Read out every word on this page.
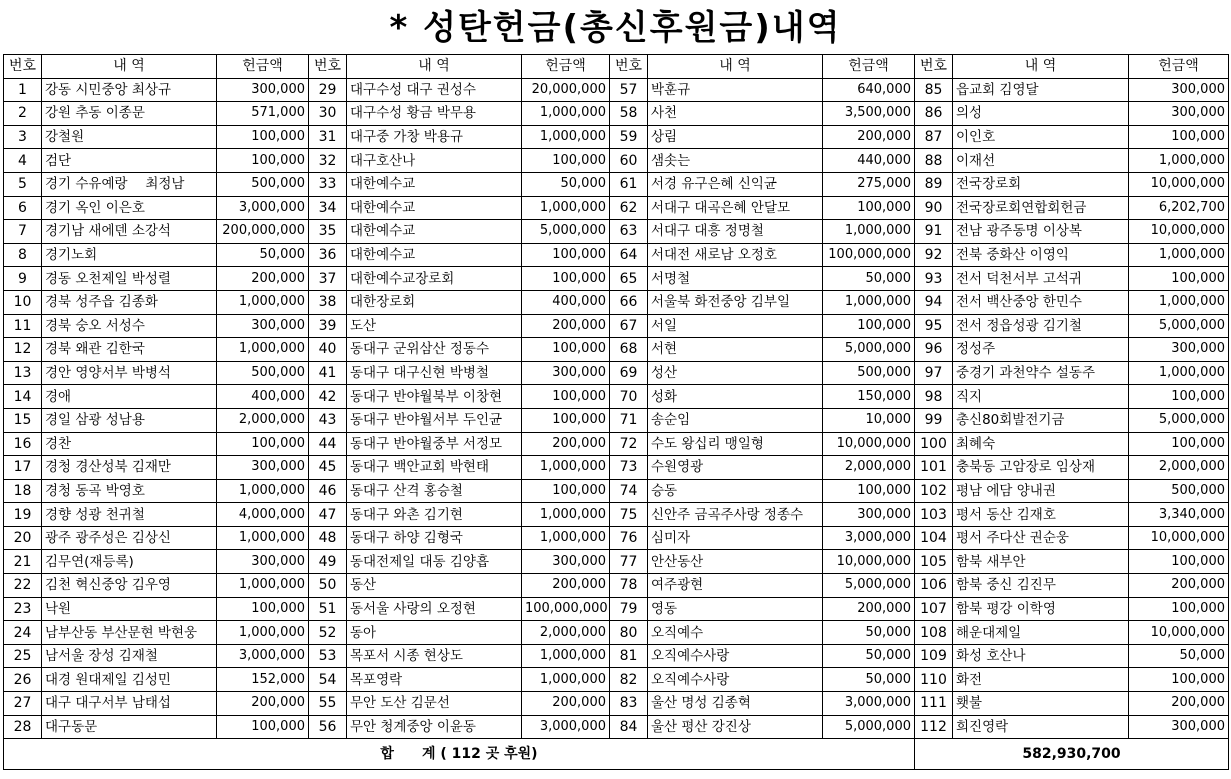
* 성탄헌금(총신후원금)내역
번호	내 역	헌금액	번호	내 역	헌금액	번호	내 역	헌금액	번호	내 역	헌금액
1	강동 시민중앙 최상규	300,000	29	대구수성 대구 권성수	20,000,000	57	박훈규	640,000	85	읍교회 김영달	300,000
2	강원 추동 이종문	571,000	30	대구수성 황금 박무용	1,000,000	58	사천	3,500,000	86	의성	300,000
3	강철원	100,000	31	대구중 가창 박용규	1,000,000	59	상림	200,000	87	이인호	100,000
4	검단	100,000	32	대구호산나	100,000	60	샘솟는	440,000	88	이재선	1,000,000
5	경기 수유예랑 　최정남	500,000	33	대한예수교	50,000	61	서경 유구은혜 신익균	275,000	89	전국장로회	10,000,000
6	경기 옥인 이은호	3,000,000	34	대한예수교	1,000,000	62	서대구 대곡은혜 안달모	100,000	90	전국장로회연합회헌금	6,202,700
7	경기남 새에덴 소강석	200,000,000	35	대한예수교	5,000,000	63	서대구 대흥 정명철	1,000,000	91	전남 광주동명 이상복	10,000,000
8	경기노회	50,000	36	대한예수교	100,000	64	서대전 새로남 오정호	100,000,000	92	전북 중화산 이영익	1,000,000
9	경동 오천제일 박성렬	200,000	37	대한예수교장로회	100,000	65	서명철	50,000	93	전서 덕천서부 고석귀	100,000
10	경북 성주읍 김종화	1,000,000	38	대한장로회	400,000	66	서울북 화전중앙 김부일	1,000,000	94	전서 백산중앙 한민수	1,000,000
11	경북 숭오 서성수	300,000	39	도산	200,000	67	서일	100,000	95	전서 정읍성광 김기철	5,000,000
12	경북 왜관 김한국	1,000,000	40	동대구 군위삼산 정동수	100,000	68	서현	5,000,000	96	정성주	300,000
13	경안 영양서부 박병석	500,000	41	동대구 대구신현 박병철	300,000	69	성산	500,000	97	중경기 과천약수 설동주	1,000,000
14	경애	400,000	42	동대구 반야월북부 이창현	100,000	70	성화	150,000	98	직지	100,000
15	경일 삼광 성남용	2,000,000	43	동대구 반야월서부 두인균	100,000	71	송순임	10,000	99	총신80회발전기금	5,000,000
16	경찬	100,000	44	동대구 반야월중부 서정모	200,000	72	수도 왕십리 맹일형	10,000,000	100	최혜숙	100,000
17	경청 경산성북 김재만	300,000	45	동대구 백안교회 박현태	1,000,000	73	수원영광	2,000,000	101	충북동 고암장로 임상재	2,000,000
18	경청 동곡 박영호	1,000,000	46	동대구 산격 홍승철	100,000	74	승동	100,000	102	평남 에담 양내권	500,000
19	경향 성광 천귀철	4,000,000	47	동대구 와촌 김기현	1,000,000	75	신안주 금곡주사랑 정종수	300,000	103	평서 동산 김재호	3,340,000
20	광주 광주성은 김상신	1,000,000	48	동대구 하양 김형국	1,000,000	76	심미자	3,000,000	104	평서 주다산 권순웅	10,000,000
21	김무연(재등록)	300,000	49	동대전제일 대동 김양흡	300,000	77	안산동산	10,000,000	105	함북 새부안	100,000
22	김천 혁신중앙 김우영	1,000,000	50	동산	200,000	78	여주광현	5,000,000	106	함북 중신 김진무	200,000
23	낙원	100,000	51	동서울 사랑의 오정현	100,000,000	79	영동	200,000	107	함북 평강 이학영	100,000
24	남부산동 부산문현 박현웅	1,000,000	52	동아	2,000,000	80	오직예수	50,000	108	해운대제일	10,000,000
25	남서울 장성 김재철	3,000,000	53	목포서 시종 현상도	1,000,000	81	오직예수사랑	50,000	109	화성 호산나	50,000
26	대경 원대제일 김성민	152,000	54	목포영락	1,000,000	82	오직예수사랑	50,000	110	화전	100,000
27	대구 대구서부 남태섭	200,000	55	무안 도산 김문선	200,000	83	울산 명성 김종혁	3,000,000	111	횃불	200,000
28	대구동문	100,000	56	무안 청계중앙 이윤동	3,000,000	84	울산 평산 강진상	5,000,000	112	희진영락	300,000
합　　계 ( 112 곳 후원)									582,930,700		
